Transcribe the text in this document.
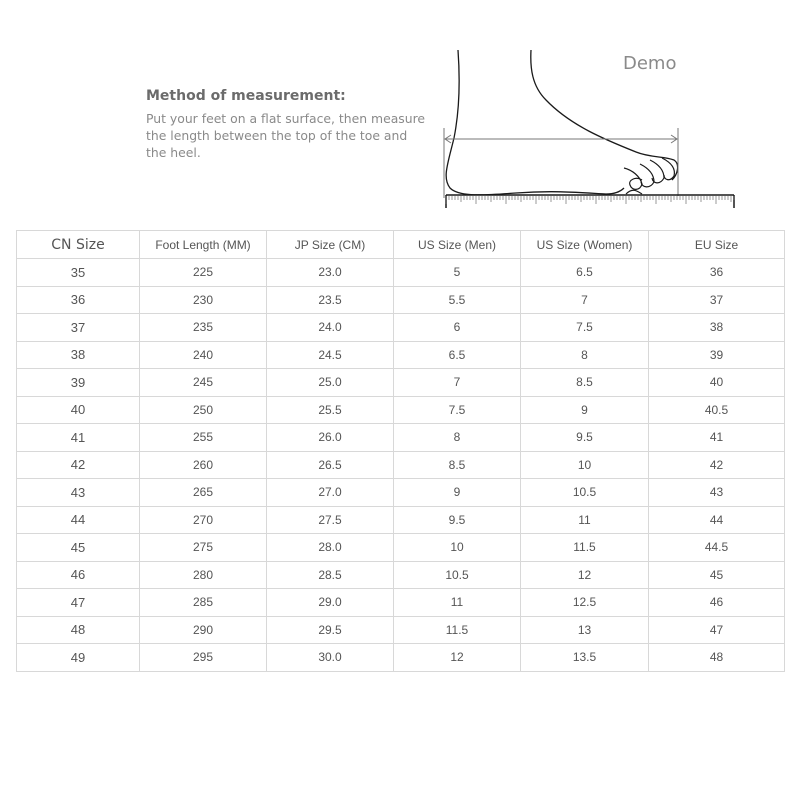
Method of measurement:

Put your feet on a flat surface, then measure the length between the top of the toe and the heel.

Demo
CN Size	Foot Length (MM)	JP Size (CM)	US Size (Men)	US Size (Women)	EU Size
35	225	23.0	5	6.5	36
36	230	23.5	5.5	7	37
37	235	24.0	6	7.5	38
38	240	24.5	6.5	8	39
39	245	25.0	7	8.5	40
40	250	25.5	7.5	9	40.5
41	255	26.0	8	9.5	41
42	260	26.5	8.5	10	42
43	265	27.0	9	10.5	43
44	270	27.5	9.5	11	44
45	275	28.0	10	11.5	44.5
46	280	28.5	10.5	12	45
47	285	29.0	11	12.5	46
48	290	29.5	11.5	13	47
49	295	30.0	12	13.5	48
